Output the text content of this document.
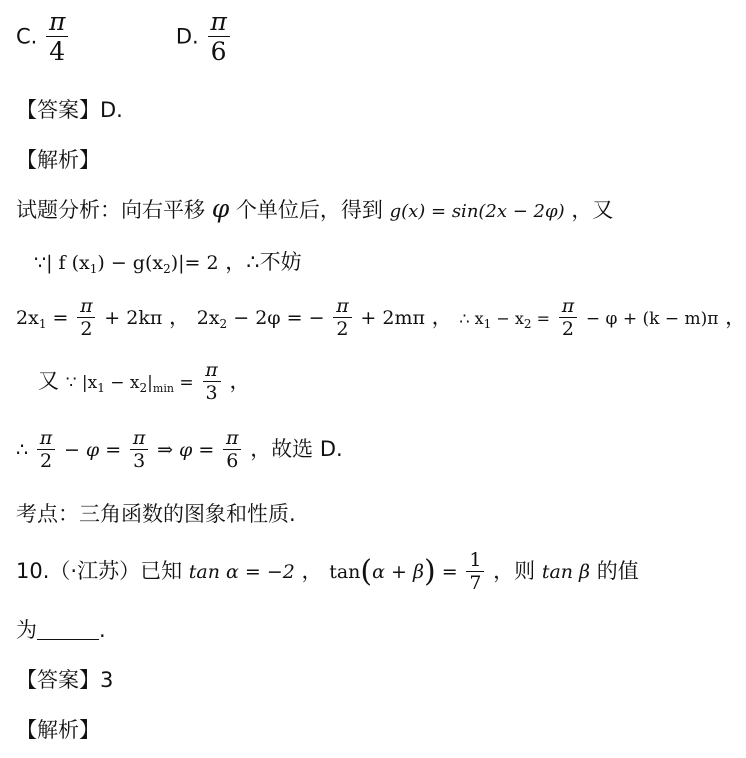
C. $\frac{\pi}{4}$	D. $\frac{\pi}{6}$
【答案】D.
【解析】
试题分析：向右平移 φ 个单位后，得到 g(x) = sin(2x − 2φ) ，又
∵| f $(x_1) - g(x_2)|= 2$ ，∴不妨
$2x_1 = \frac{\pi}{2} + 2k\pi$ ， $2x_2 - 2\varphi$ = − $\frac{\pi}{2} + 2m\pi$ ， ∴ $x_1 - x_2 = \frac{\pi}{2} - \varphi + (k - m)\pi$ ，
又 ∵ $|x_1 - x_2|_{min} = \frac{\pi}{3}$ ，
∴ $\frac{\pi}{2} - \varphi = \frac{\pi}{3}$ ⇒ $\varphi = \frac{\pi}{6}$ ，故选 D.
考点：三角函数的图象和性质.
10.（·江苏）已知 tan α = −2 ， $\tan(\alpha + \beta) = \frac{1}{7}$ ，则 tan β 的值
为	.
【答案】3
【解析】
